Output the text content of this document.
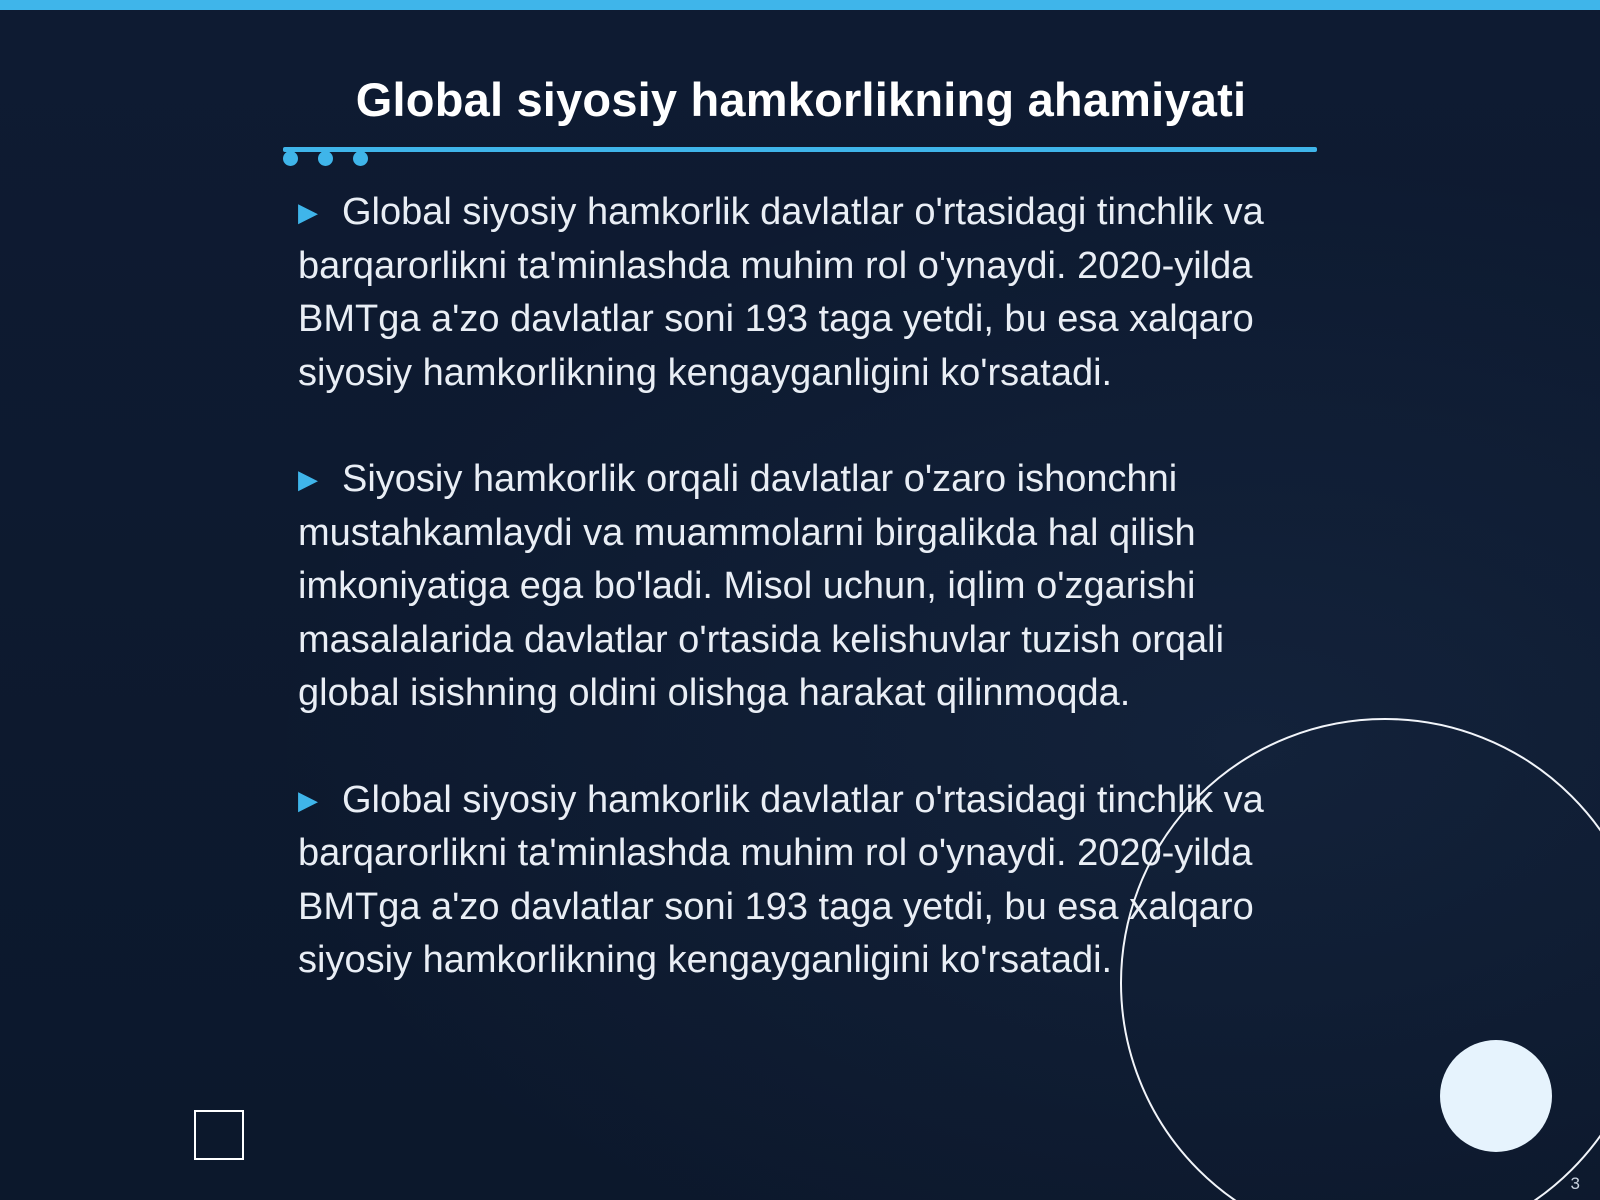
Global siyosiy hamkorlikning ahamiyati

▶ Global siyosiy hamkorlik davlatlar o'rtasidagi tinchlik va barqarorlikni ta'minlashda muhim rol o'ynaydi. 2020-yilda BMTga a'zo davlatlar soni 193 taga yetdi, bu esa xalqaro siyosiy hamkorlikning kengayganligini ko'rsatadi.

▶ Siyosiy hamkorlik orqali davlatlar o'zaro ishonchni mustahkamlaydi va muammolarni birgalikda hal qilish imkoniyatiga ega bo'ladi. Misol uchun, iqlim o'zgarishi masalalarida davlatlar o'rtasida kelishuvlar tuzish orqali global isishning oldini olishga harakat qilinmoqda.

▶ Global siyosiy hamkorlik davlatlar o'rtasidagi tinchlik va barqarorlikni ta'minlashda muhim rol o'ynaydi. 2020-yilda BMTga a'zo davlatlar soni 193 taga yetdi, bu esa xalqaro siyosiy hamkorlikning kengayganligini ko'rsatadi.

3
